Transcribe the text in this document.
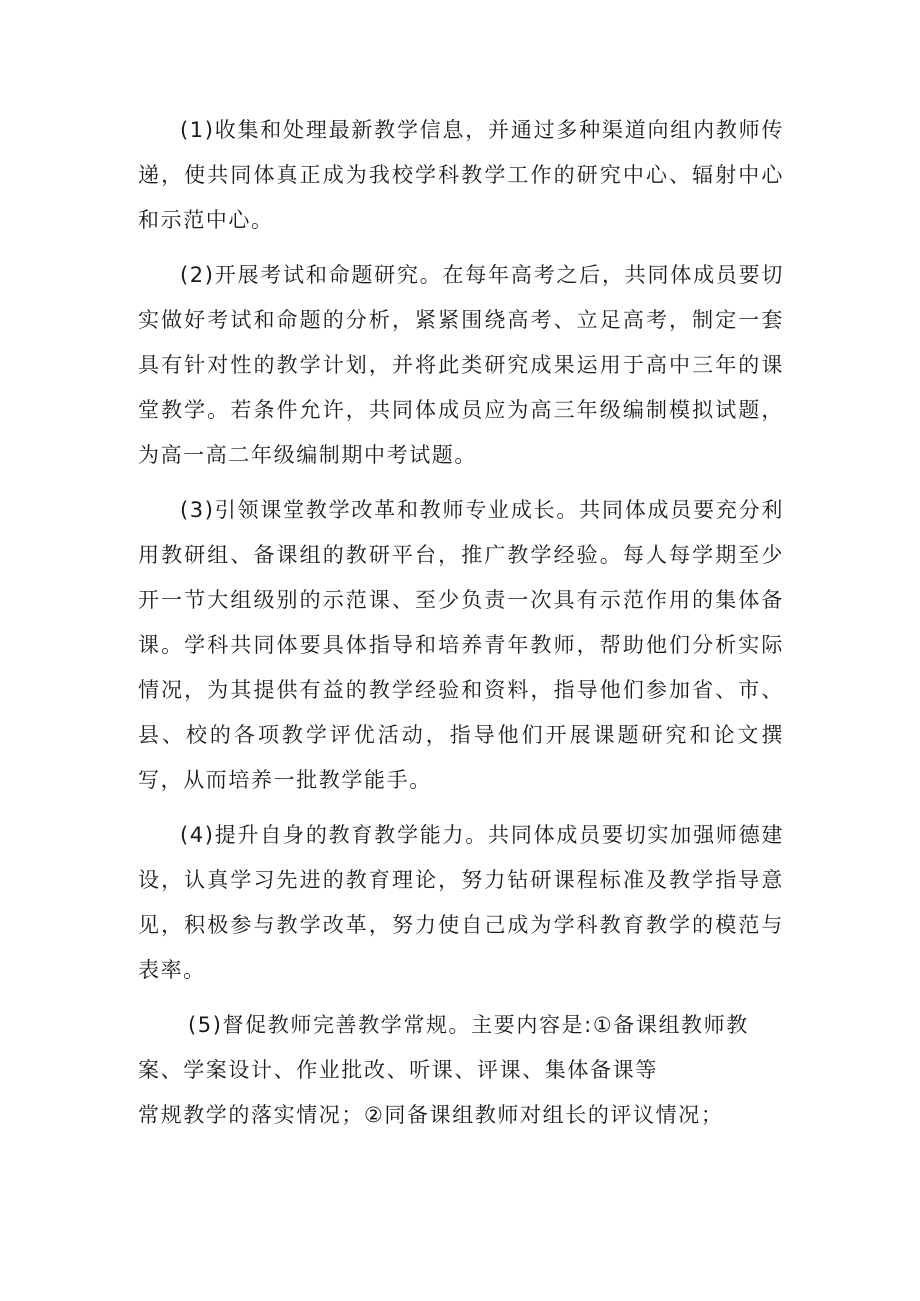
(1)收集和处理最新教学信息，并通过多种渠道向组内教师传递，使共同体真正成为我校学科教学工作的研究中心、辐射中心和示范中心。

(2)开展考试和命题研究。在每年高考之后，共同体成员要切实做好考试和命题的分析，紧紧围绕高考、立足高考，制定一套具有针对性的教学计划，并将此类研究成果运用于高中三年的课堂教学。若条件允许，共同体成员应为高三年级编制模拟试题，为高一高二年级编制期中考试题。

(3)引领课堂教学改革和教师专业成长。共同体成员要充分利用教研组、备课组的教研平台，推广教学经验。每人每学期至少开一节大组级别的示范课、至少负责一次具有示范作用的集体备课。学科共同体要具体指导和培养青年教师，帮助他们分析实际情况，为其提供有益的教学经验和资料，指导他们参加省、市、县、校的各项教学评优活动，指导他们开展课题研究和论文撰写，从而培养一批教学能手。

(4)提升自身的教育教学能力。共同体成员要切实加强师德建设，认真学习先进的教育理论，努力钻研课程标准及教学指导意见，积极参与教学改革，努力使自己成为学科教育教学的模范与表率。

(5)督促教师完善教学常规。主要内容是:①备课组教师教
案、学案设计、作业批改、听课、评课、集体备课等
常规教学的落实情况；②同备课组教师对组长的评议情况；
